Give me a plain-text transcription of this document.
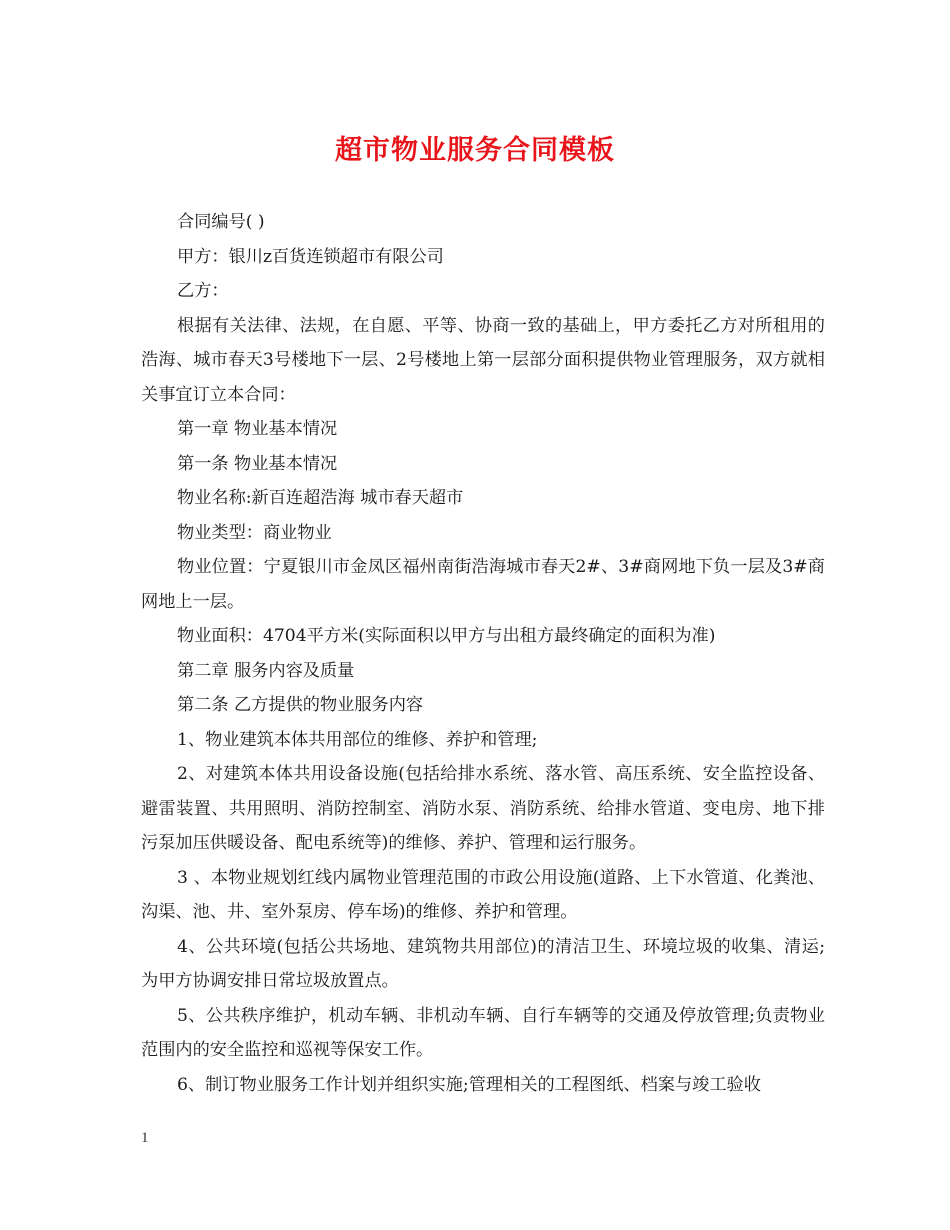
超市物业服务合同模板

合同编号( )

甲方：银川z百货连锁超市有限公司

乙方：

根据有关法律、法规，在自愿、平等、协商一致的基础上，甲方委托乙方对所租用的浩海、城市春天3号楼地下一层、2号楼地上第一层部分面积提供物业管理服务，双方就相关事宜订立本合同：

第一章 物业基本情况

第一条 物业基本情况

物业名称:新百连超浩海 城市春天超市

物业类型：商业物业

物业位置：宁夏银川市金凤区福州南街浩海城市春天2#、3#商网地下负一层及3#商网地上一层。

物业面积：4704平方米(实际面积以甲方与出租方最终确定的面积为准)

第二章 服务内容及质量

第二条 乙方提供的物业服务内容

1、物业建筑本体共用部位的维修、养护和管理;

2、对建筑本体共用设备设施(包括给排水系统、落水管、高压系统、安全监控设备、避雷装置、共用照明、消防控制室、消防水泵、消防系统、给排水管道、变电房、地下排污泵加压供暖设备、配电系统等)的维修、养护、管理和运行服务。

3 、本物业规划红线内属物业管理范围的市政公用设施(道路、上下水管道、化粪池、沟渠、池、井、室外泵房、停车场)的维修、养护和管理。

4、公共环境(包括公共场地、建筑物共用部位)的清洁卫生、环境垃圾的收集、清运;为甲方协调安排日常垃圾放置点。

5、公共秩序维护，机动车辆、非机动车辆、自行车辆等的交通及停放管理;负责物业范围内的安全监控和巡视等保安工作。

6、制订物业服务工作计划并组织实施;管理相关的工程图纸、档案与竣工验收

1
